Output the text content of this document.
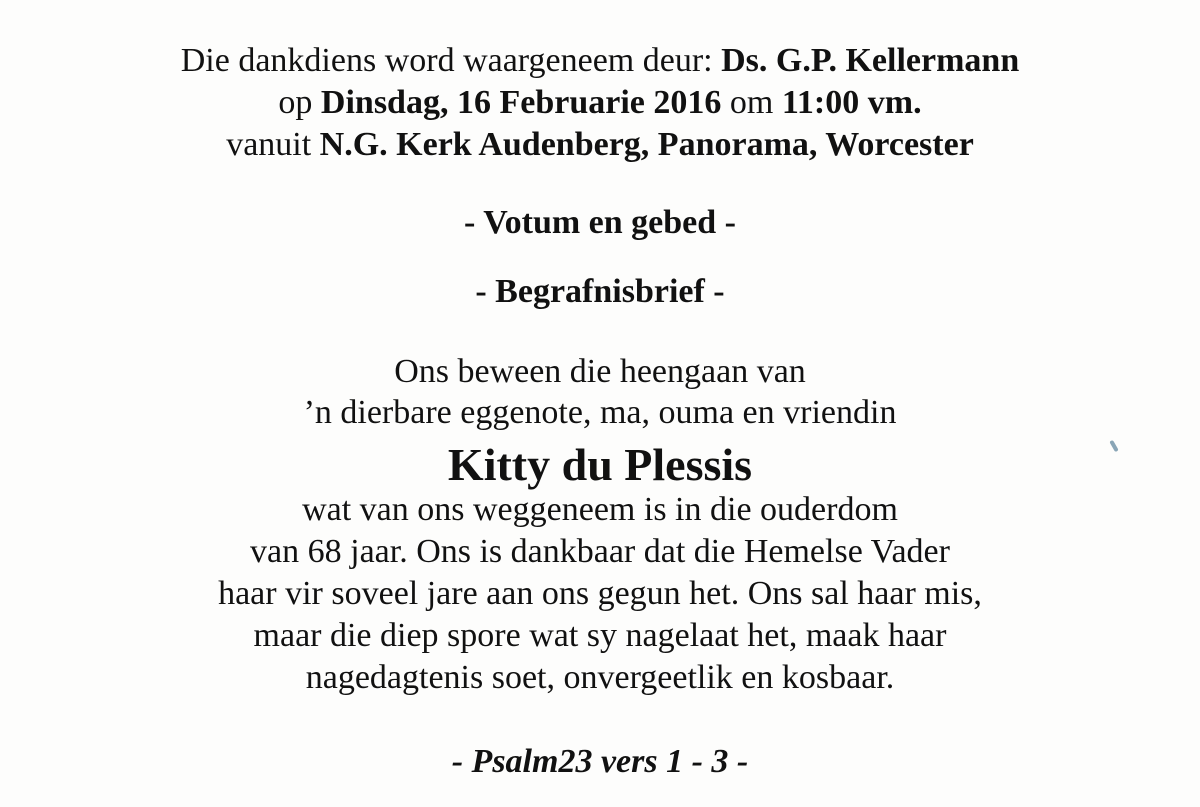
Die dankdiens word waargeneem deur: Ds. G.P. Kellermann
op Dinsdag, 16 Februarie 2016 om 11:00 vm.
vanuit N.G. Kerk Audenberg, Panorama, Worcester
- Votum en gebed -
- Begrafnisbrief -
Ons beween die heengaan van
’n dierbare eggenote, ma, ouma en vriendin
Kitty du Plessis
wat van ons weggeneem is in die ouderdom
van 68 jaar. Ons is dankbaar dat die Hemelse Vader
haar vir soveel jare aan ons gegun het. Ons sal haar mis,
maar die diep spore wat sy nagelaat het, maak haar
nagedagtenis soet, onvergeetlik en kosbaar.
- Psalm23 vers 1 - 3 -
